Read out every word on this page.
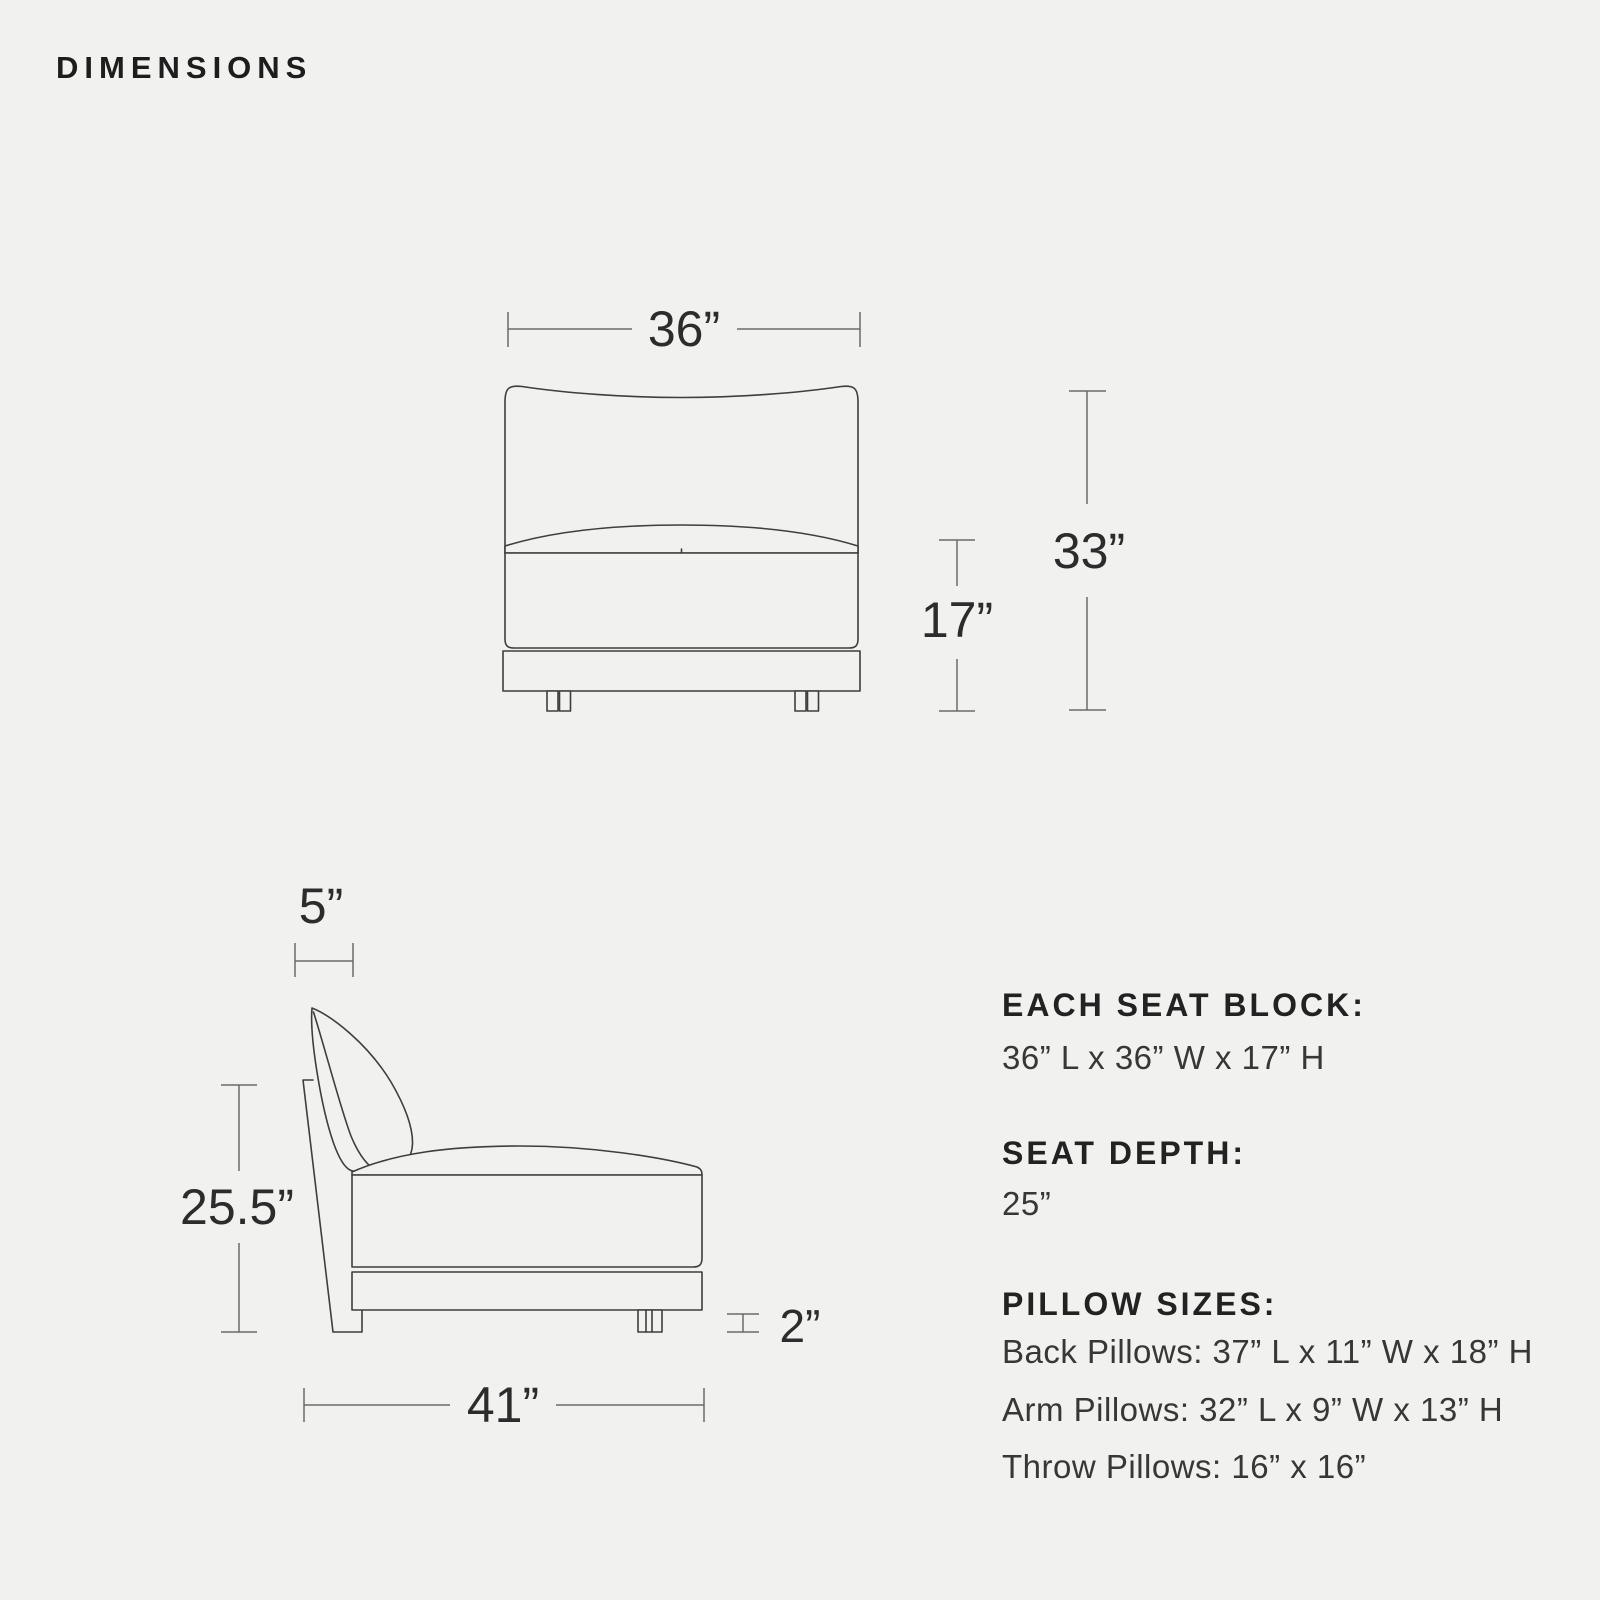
DIMENSIONS
36”
17”
33”
5”
25.5”
2”
41”
EACH SEAT BLOCK:
36” L x 36” W x 17” H
SEAT DEPTH:
25”
PILLOW SIZES:
Back Pillows: 37” L x 11” W x 18” H
Arm Pillows: 32” L x 9” W x 13” H
Throw Pillows: 16” x 16”
